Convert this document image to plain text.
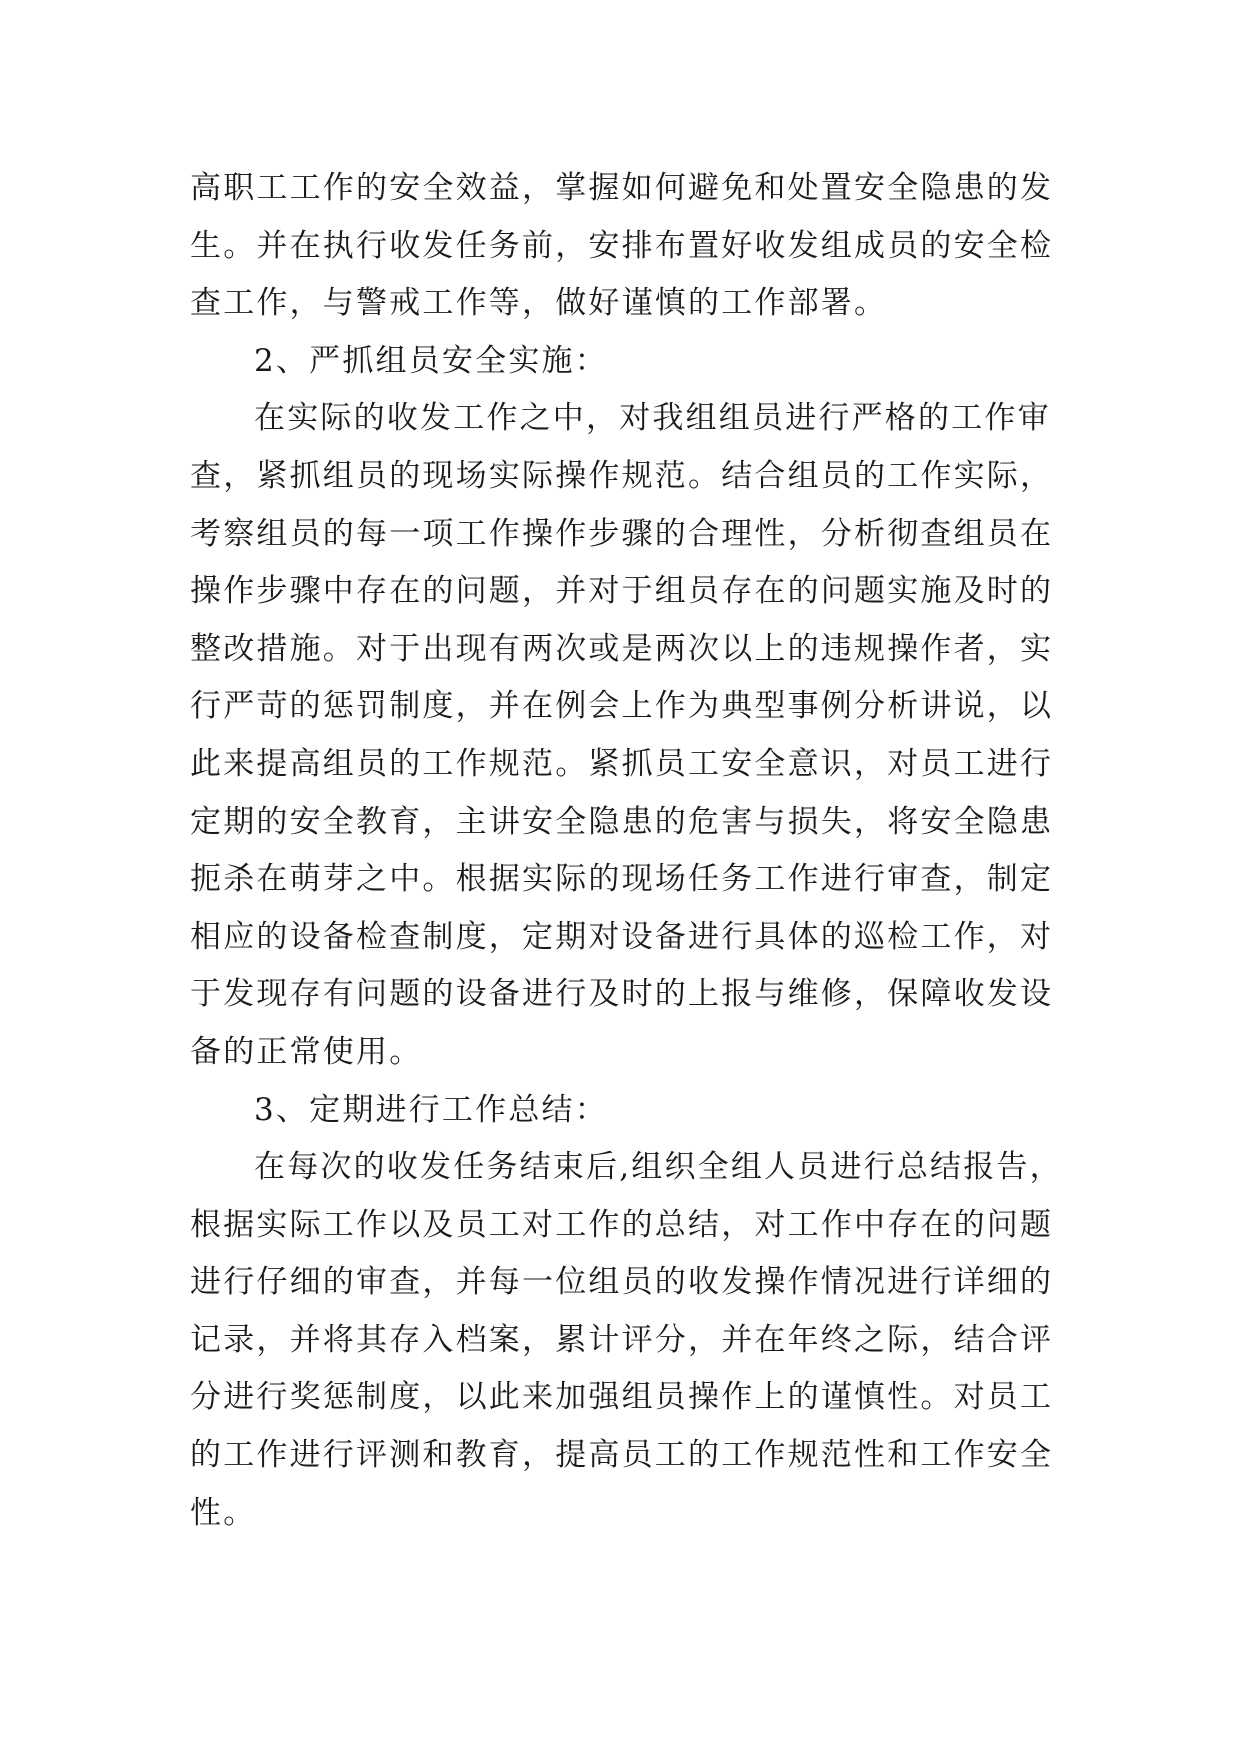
高职工工作的安全效益，掌握如何避免和处置安全隐患的发
生。并在执行收发任务前，安排布置好收发组成员的安全检
查工作，与警戒工作等，做好谨慎的工作部署。
2、严抓组员安全实施：
在实际的收发工作之中，对我组组员进行严格的工作审
查，紧抓组员的现场实际操作规范。结合组员的工作实际，
考察组员的每一项工作操作步骤的合理性，分析彻查组员在
操作步骤中存在的问题，并对于组员存在的问题实施及时的
整改措施。对于出现有两次或是两次以上的违规操作者，实
行严苛的惩罚制度，并在例会上作为典型事例分析讲说，以
此来提高组员的工作规范。紧抓员工安全意识，对员工进行
定期的安全教育，主讲安全隐患的危害与损失，将安全隐患
扼杀在萌芽之中。根据实际的现场任务工作进行审查，制定
相应的设备检查制度，定期对设备进行具体的巡检工作，对
于发现存有问题的设备进行及时的上报与维修，保障收发设
备的正常使用。
3、定期进行工作总结：
在每次的收发任务结束后,组织全组人员进行总结报告，
根据实际工作以及员工对工作的总结，对工作中存在的问题
进行仔细的审查，并每一位组员的收发操作情况进行详细的
记录，并将其存入档案，累计评分，并在年终之际，结合评
分进行奖惩制度，以此来加强组员操作上的谨慎性。对员工
的工作进行评测和教育，提高员工的工作规范性和工作安全
性。
